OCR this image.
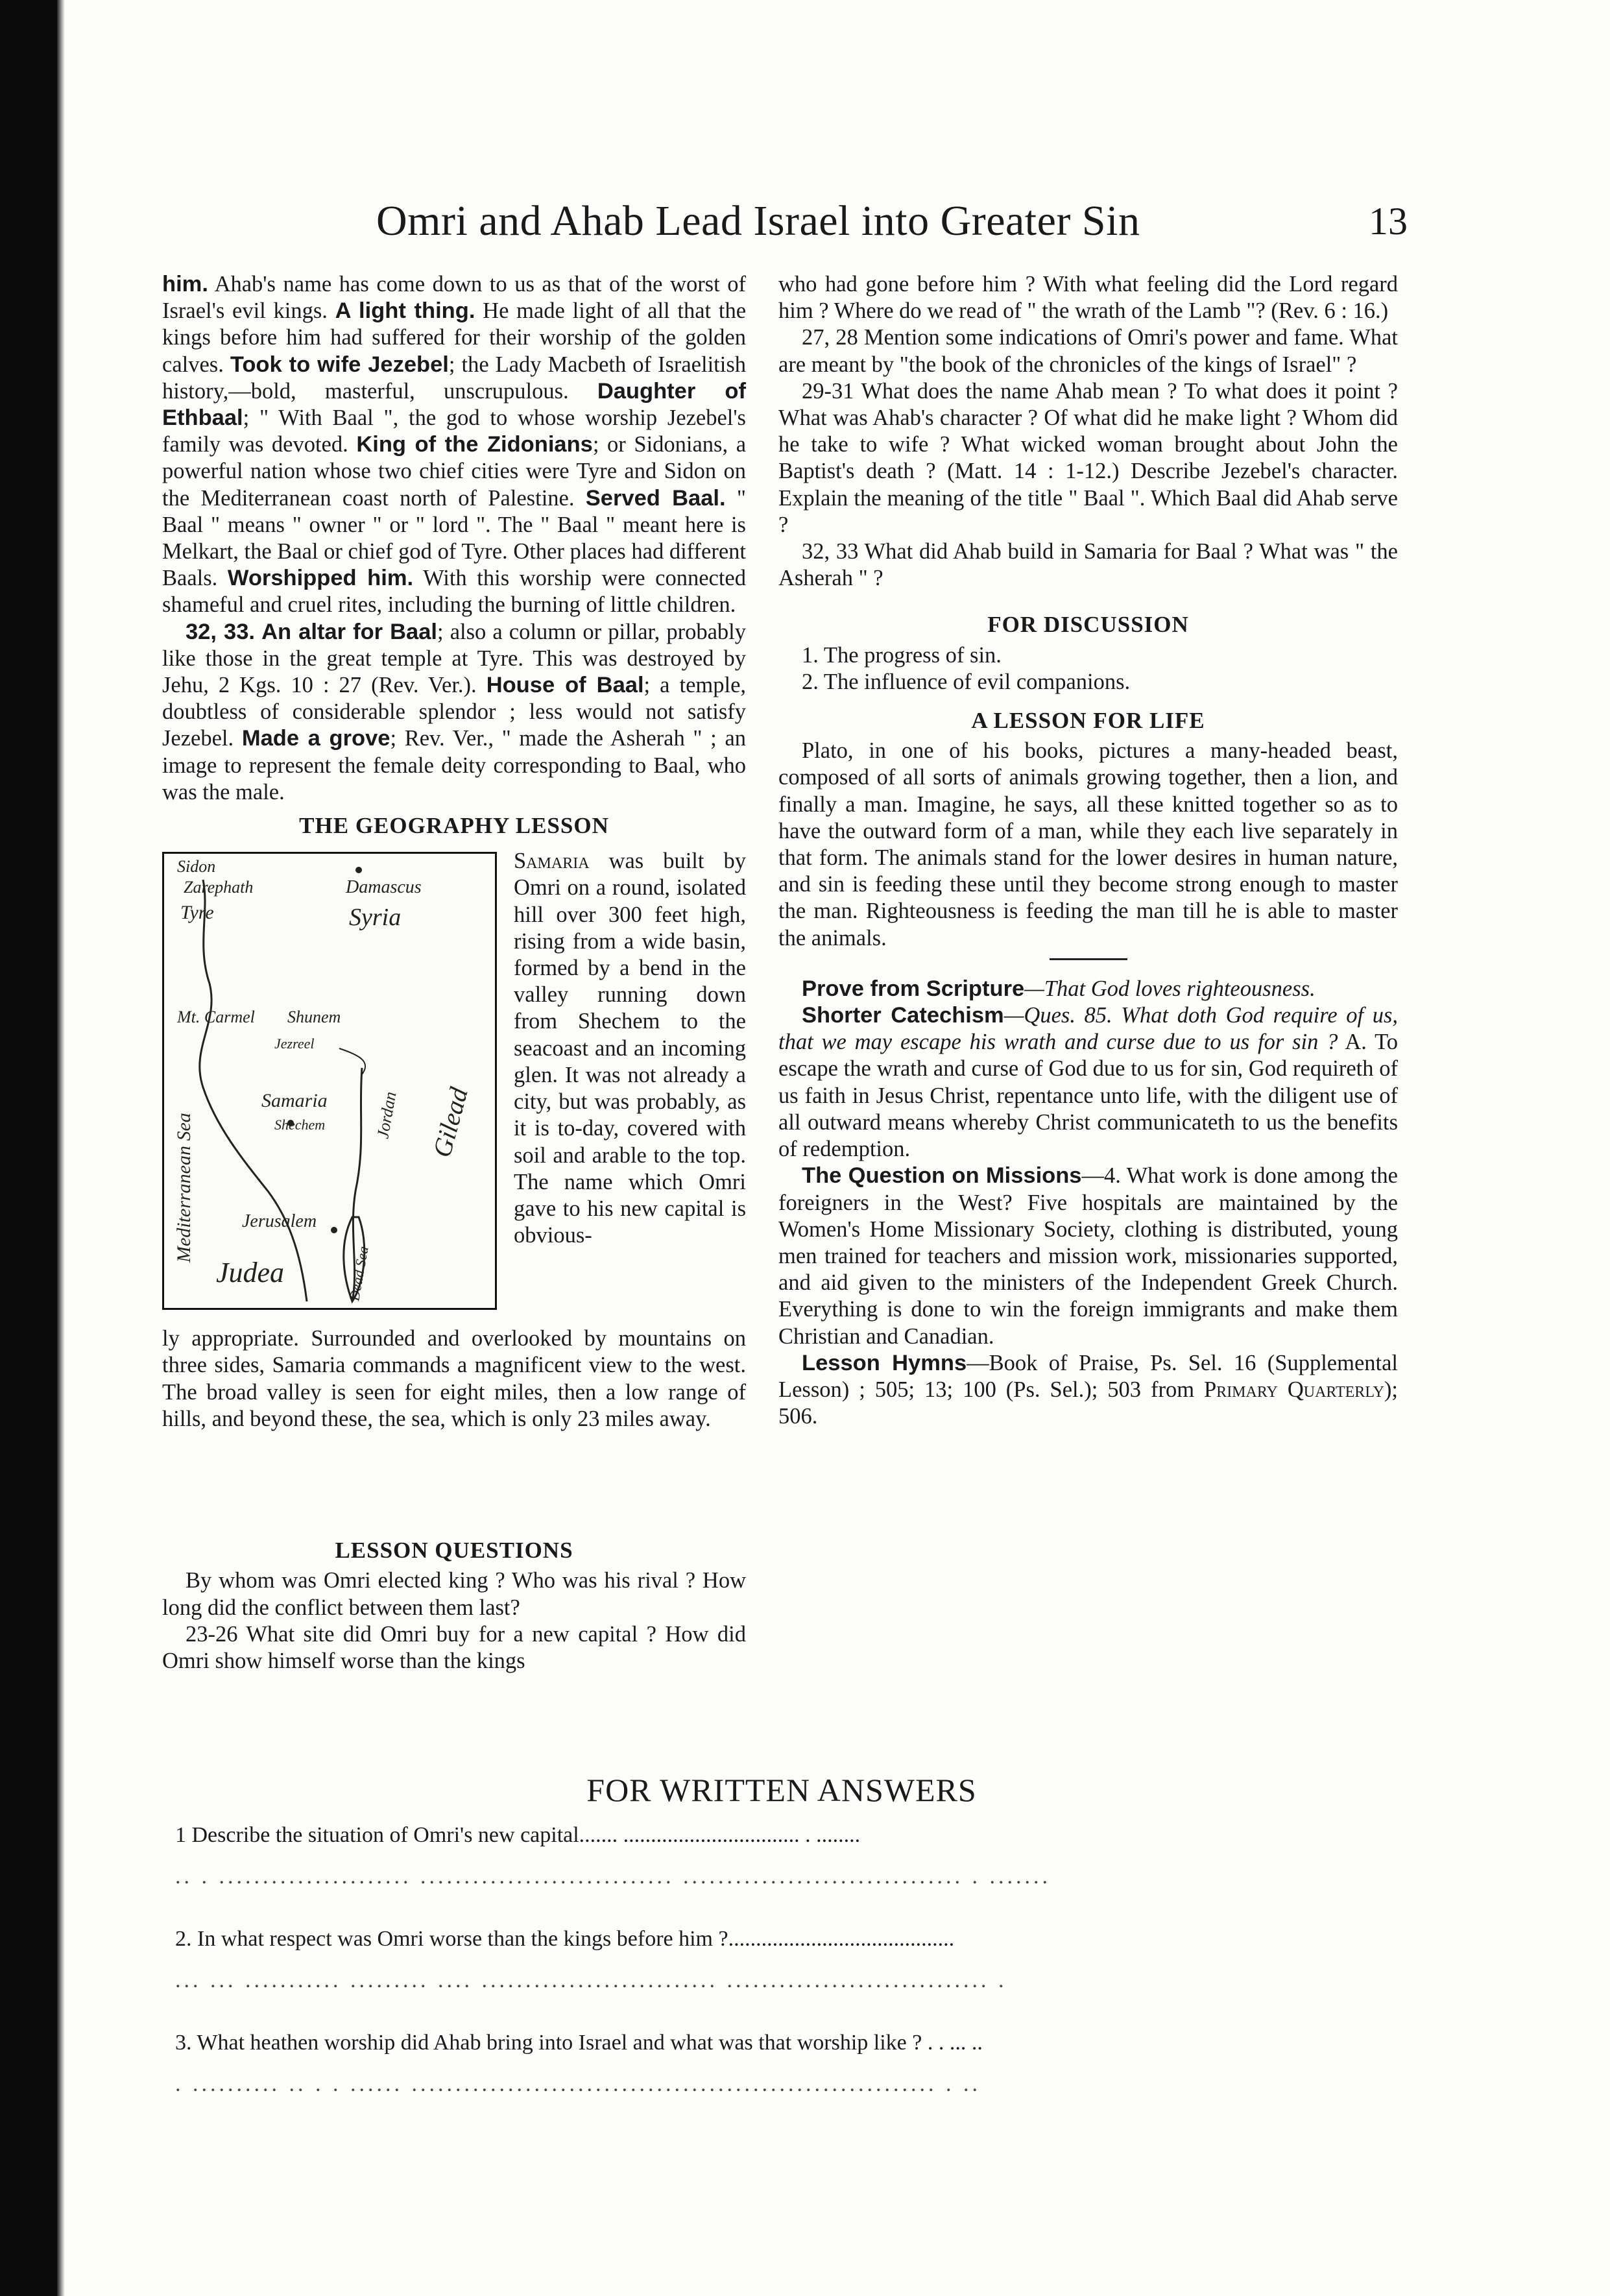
Omri and Ahab Lead Israel into Greater Sin	13

him. Ahab's name has come down to us as that of the worst of Israel's evil kings. A light thing. He made light of all that the kings before him had suffered for their worship of the golden calves. Took to wife Jezebel; the Lady Macbeth of Israelitish history,—bold, masterful, unscrupulous. Daughter of Ethbaal; " With Baal ", the god to whose worship Jezebel's family was devoted. King of the Zidonians; or Sidonians, a powerful nation whose two chief cities were Tyre and Sidon on the Mediterranean coast north of Palestine. Served Baal. " Baal " means " owner " or " lord ". The " Baal " meant here is Melkart, the Baal or chief god of Tyre. Other places had different Baals. Worshipped him. With this worship were connected shameful and cruel rites, including the burning of little children.

32, 33. An altar for Baal; also a column or pillar, probably like those in the great temple at Tyre. This was destroyed by Jehu, 2 Kgs. 10 : 27 (Rev. Ver.). House of Baal; a temple, doubtless of considerable splendor ; less would not satisfy Jezebel. Made a grove; Rev. Ver., " made the Asherah " ; an image to represent the female deity corresponding to Baal, who was the male.

THE GEOGRAPHY LESSON

Sidon
Zarephath	Damascus
Tyre	Syria
Mt. Carmel
Mediterranean Sea
Shunem
Jezreel
Jordan Gilead
Samaria
Shechem
Jerusalem
Judea	Dead Sea
Samaria was built by Omri on a round, isolated hill over 300 feet high, rising from a wide basin, formed by a bend in the valley running down from Shechem to the seacoast and an incoming glen. It was not already a city, but was probably, as it is to-day, covered with soil and arable to the top. The name which Omri gave to his new capital is obvious-
ly appropriate. Surrounded and overlooked by mountains on three sides, Samaria commands a magnificent view to the west. The broad valley is seen for eight miles, then a low range of hills, and beyond these, the sea, which is only 23 miles away.

LESSON QUESTIONS

By whom was Omri elected king ? Who was his rival ? How long did the conflict between them last?

23-26 What site did Omri buy for a new capital ? How did Omri show himself worse than the kings

who had gone before him ? With what feeling did the Lord regard him ? Where do we read of " the wrath of the Lamb "? (Rev. 6 : 16.)

27, 28 Mention some indications of Omri's power and fame. What are meant by "the book of the chronicles of the kings of Israel" ?

29-31 What does the name Ahab mean ? To what does it point ? What was Ahab's character ? Of what did he make light ? Whom did he take to wife ? What wicked woman brought about John the Baptist's death ? (Matt. 14 : 1-12.) Describe Jezebel's character. Explain the meaning of the title " Baal ". Which Baal did Ahab serve ?

32, 33 What did Ahab build in Samaria for Baal ? What was " the Asherah " ?

FOR DISCUSSION

1. The progress of sin.

2. The influence of evil companions.

A LESSON FOR LIFE

Plato, in one of his books, pictures a many-headed beast, composed of all sorts of animals growing together, then a lion, and finally a man. Imagine, he says, all these knitted together so as to have the outward form of a man, while they each live separately in that form. The animals stand for the lower desires in human nature, and sin is feeding these until they become strong enough to master the man. Righteousness is feeding the man till he is able to master the animals.

Prove from Scripture—That God loves righteousness.

Shorter Catechism—Ques. 85. What doth God require of us, that we may escape his wrath and curse due to us for sin ? A. To escape the wrath and curse of God due to us for sin, God requireth of us faith in Jesus Christ, repentance unto life, with the diligent use of all outward means whereby Christ communicateth to us the benefits of redemption.

The Question on Missions—4. What work is done among the foreigners in the West? Five hospitals are maintained by the Women's Home Missionary Society, clothing is distributed, young men trained for teachers and mission work, missionaries supported, and aid given to the ministers of the Independent Greek Church. Everything is done to win the foreign immigrants and make them Christian and Canadian.

Lesson Hymns—Book of Praise, Ps. Sel. 16 (Supplemental Lesson) ; 505; 13; 100 (Ps. Sel.); 503 from Primary Quarterly); 506.

FOR WRITTEN ANSWERS
1 Describe the situation of Omri's new capital....... ................................ . ........
.. . ...................... ............................. ................................ . .......
2. In what respect was Omri worse than the kings before him ?.........................................
... ... ........... ......... .... ........................... .............................. .
3. What heathen worship did Ahab bring into Israel and what was that worship like ? . . ... ..
. .......... .. . . ...... ............................................................ . ..
